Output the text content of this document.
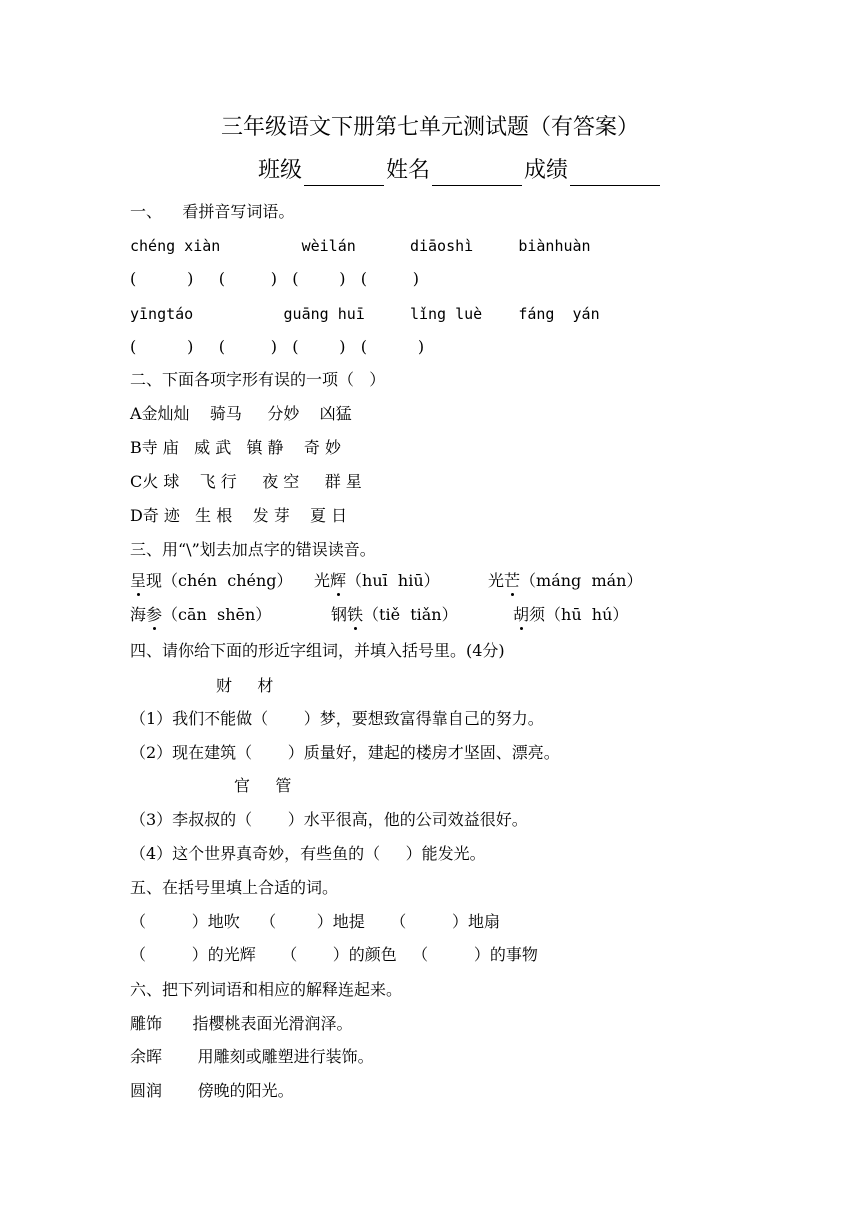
三年级语文下册第七单元测试题（有答案）
班级	姓名	成绩
一、    看拼音写词语。
chéng xiàn         wèilán      diāoshì     biànhuàn
(          )     (         )   (        )   (         )
yīngtáo          guāng huī     lǐng luè    fáng  yán
(          )     (         )   (        )   (          )
二、下面各项字形有误的一项（   ）
A金灿灿    骑马     分妙    凶猛
B寺 庙   威 武   镇 静    奇 妙
C火 球    飞 行     夜 空     群 星
D奇 迹   生 根    发 芽    夏 日
三、用“\”划去加点字的错误读音。
呈现（chén  chéng） 光辉（huī  hiū）	光芒（máng  mán）
海参（cān  shēn）	钢铁（tiě  tiǎn）	胡须（hū  hú）
四、请你给下面的形近字组词，并填入括号里。(4分)
财     材
（1）我们不能做（       ）梦，要想致富得靠自己的努力。
（2）现在建筑（       ）质量好，建起的楼房才坚固、漂亮。
官     管
（3）李叔叔的（       ）水平很高，他的公司效益很好。
（4）这个世界真奇妙，有些鱼的（     ）能发光。
五、在括号里填上合适的词。
（         ）地吹    （        ）地提     （         ）地扇
（         ）的光辉     （       ）的颜色   （         ）的事物
六、把下列词语和相应的解释连起来。
雕饰      指樱桃表面光滑润泽。
余晖       用雕刻或雕塑进行装饰。
圆润       傍晚的阳光。
